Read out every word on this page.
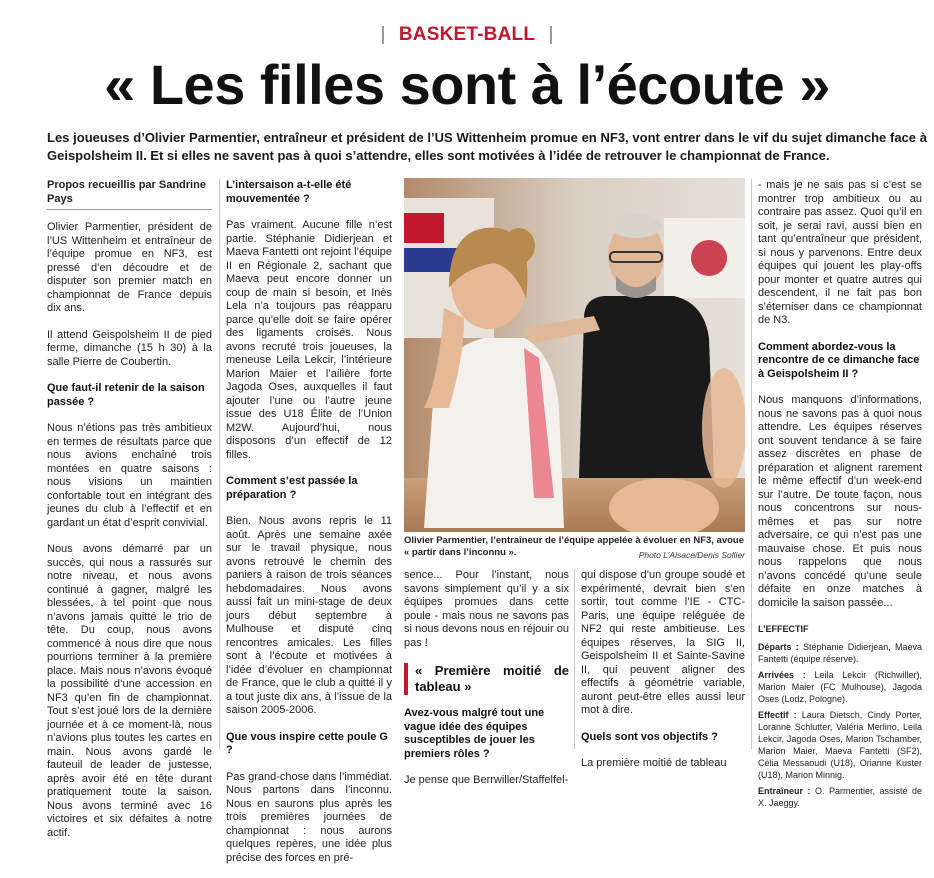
BASKET-BALL
« Les filles sont à l’écoute »
Les joueuses d’Olivier Parmentier, entraîneur et président de l’US Wittenheim promue en NF3, vont entrer dans le vif du sujet dimanche face à Geispolsheim II. Et si elles ne savent pas à quoi s’attendre, elles sont motivées à l’idée de retrouver le championnat de France.
Propos recueillis par Sandrine Pays

Olivier Parmentier, président de l’US Wittenheim et entraîneur de l’équipe promue en NF3, est pressé d’en découdre et de disputer son premier match en championnat de France depuis dix ans.

Il attend Geispolsheim II de pied ferme, dimanche (15 h 30) à la salle Pierre de Coubertin.

Que faut-il retenir de la saison passée ?

Nous n’étions pas très ambitieux en termes de résultats parce que nous avions enchaîné trois montées en quatre saisons : nous visions un maintien confortable tout en intégrant des jeunes du club à l’effectif et en gardant un état d’esprit convivial.

Nous avons démarré par un succès, qui nous a rassurés sur notre niveau, et nous avons continué à gagner, malgré les blessées, à tel point que nous n’avons jamais quitté le trio de tête. Du coup, nous avons commencé à nous dire que nous pourrions terminer à la première place. Mais nous n’avons évoqué la possibilité d’une accession en NF3 qu’en fin de championnat. Tout s’est joué lors de la dernière journée et à ce moment-là, nous n’avions plus toutes les cartes en main. Nous avons gardé le fauteuil de leader de justesse, après avoir été en tête durant pratiquement toute la saison. Nous avons terminé avec 16 victoires et six défaites à notre actif.

L’intersaison a-t-elle été mouvementée ?

Pas vraiment. Aucune fille n’est partie. Stéphanie Didierjean et Maeva Fantetti ont rejoint l’équipe II en Régionale 2, sachant que Maeva peut encore donner un coup de main si besoin, et Inès Lela n’a toujours pas réapparu parce qu’elle doit se faire opérer des ligaments croisés. Nous avons recruté trois joueuses, la meneuse Leila Lekcir, l’intérieure Marion Maier et l’ailière forte Jagoda Oses, auxquelles il faut ajouter l’une ou l’autre jeune issue des U18 Élite de l’Union M2W. Aujourd’hui, nous disposons d’un effectif de 12 filles.

Comment s’est passée la préparation ?

Bien. Nous avons repris le 11 août. Après une semaine axée sur le travail physique, nous avons retrouvé le chemin des paniers à raison de trois séances hebdomadaires. Nous avons aussi fait un mini-stage de deux jours début septembre à Mulhouse et disputé cinq rencontres amicales. Les filles sont à l’écoute et motivées à l’idée d’évoluer en championnat de France, que le club a quitté il y a tout juste dix ans, à l’issue de la saison 2005-2006.

Que vous inspire cette poule G ?

Pas grand-chose dans l’immédiat. Nous partons dans l’inconnu. Nous en saurons plus après les trois premières journées de championnat : nous aurons quelques repères, une idée plus précise des forces en pré-

Olivier Parmentier, l’entraîneur de l’équipe appelée à évoluer en NF3, avoue « partir dans l’inconnu ».	Photo L’Alsace/Denis Sollier

sence... Pour l’instant, nous savons simplement qu’il y a six équipes promues dans cette poule - mais nous ne savons pas si nous devons nous en réjouir ou pas !

« Première moitié de tableau »

Avez-vous malgré tout une vague idée des équipes susceptibles de jouer les premiers rôles ?

Je pense que Berrwiller/Staffelfel-

qui dispose d’un groupe soudé et expérimenté, devrait bien s’en sortir, tout comme l’IE - CTC-Paris, une équipe reléguée de NF2 qui reste ambitieuse. Les équipes réserves, la SIG II, Geispolsheim II et Sainte-Savine II, qui peuvent aligner des effectifs à géométrie variable, auront peut-être elles aussi leur mot à dire.

Quels sont vos objectifs ?

La première moitié de tableau

- mais je ne sais pas si c’est se montrer trop ambitieux ou au contraire pas assez. Quoi qu’il en soit, je serai ravi, aussi bien en tant qu’entraîneur que président, si nous y parvenons. Entre deux équipes qui jouent les play-offs pour monter et quatre autres qui descendent, il ne fait pas bon s’éterniser dans ce championnat de N3.

Comment abordez-vous la rencontre de ce dimanche face à Geispolsheim II ?

Nous manquons d’informations, nous ne savons pas à quoi nous attendre. Les équipes réserves ont souvent tendance à se faire assez discrètes en phase de préparation et alignent rarement le même effectif d’un week-end sur l’autre. De toute façon, nous nous concentrons sur nous-mêmes et pas sur notre adversaire, ce qui n’est pas une mauvaise chose. Et puis nous nous rappelons que nous n’avons concédé qu’une seule défaite en onze matches à domicile la saison passée...

L’EFFECTIF
Départs : Stéphanie Didierjean, Maeva Fantetti (équipe réserve).
Arrivées : Leila Lekcir (Richwiller), Marion Maier (FC Mulhouse), Jagoda Oses (Lodz, Pologne).
Effectif : Laura Dietsch, Cindy Porter, Loranne Schlutter, Valéria Merlino, Leila Lekcir, Jagoda Oses, Marion Tschamber, Marion Maier, Maeva Fantetti (SF2), Célia Messaoudi (U18), Orianne Kuster (U18), Marion Minnig.
Entraîneur : O. Parmentier, assisté de X. Jaeggy.
